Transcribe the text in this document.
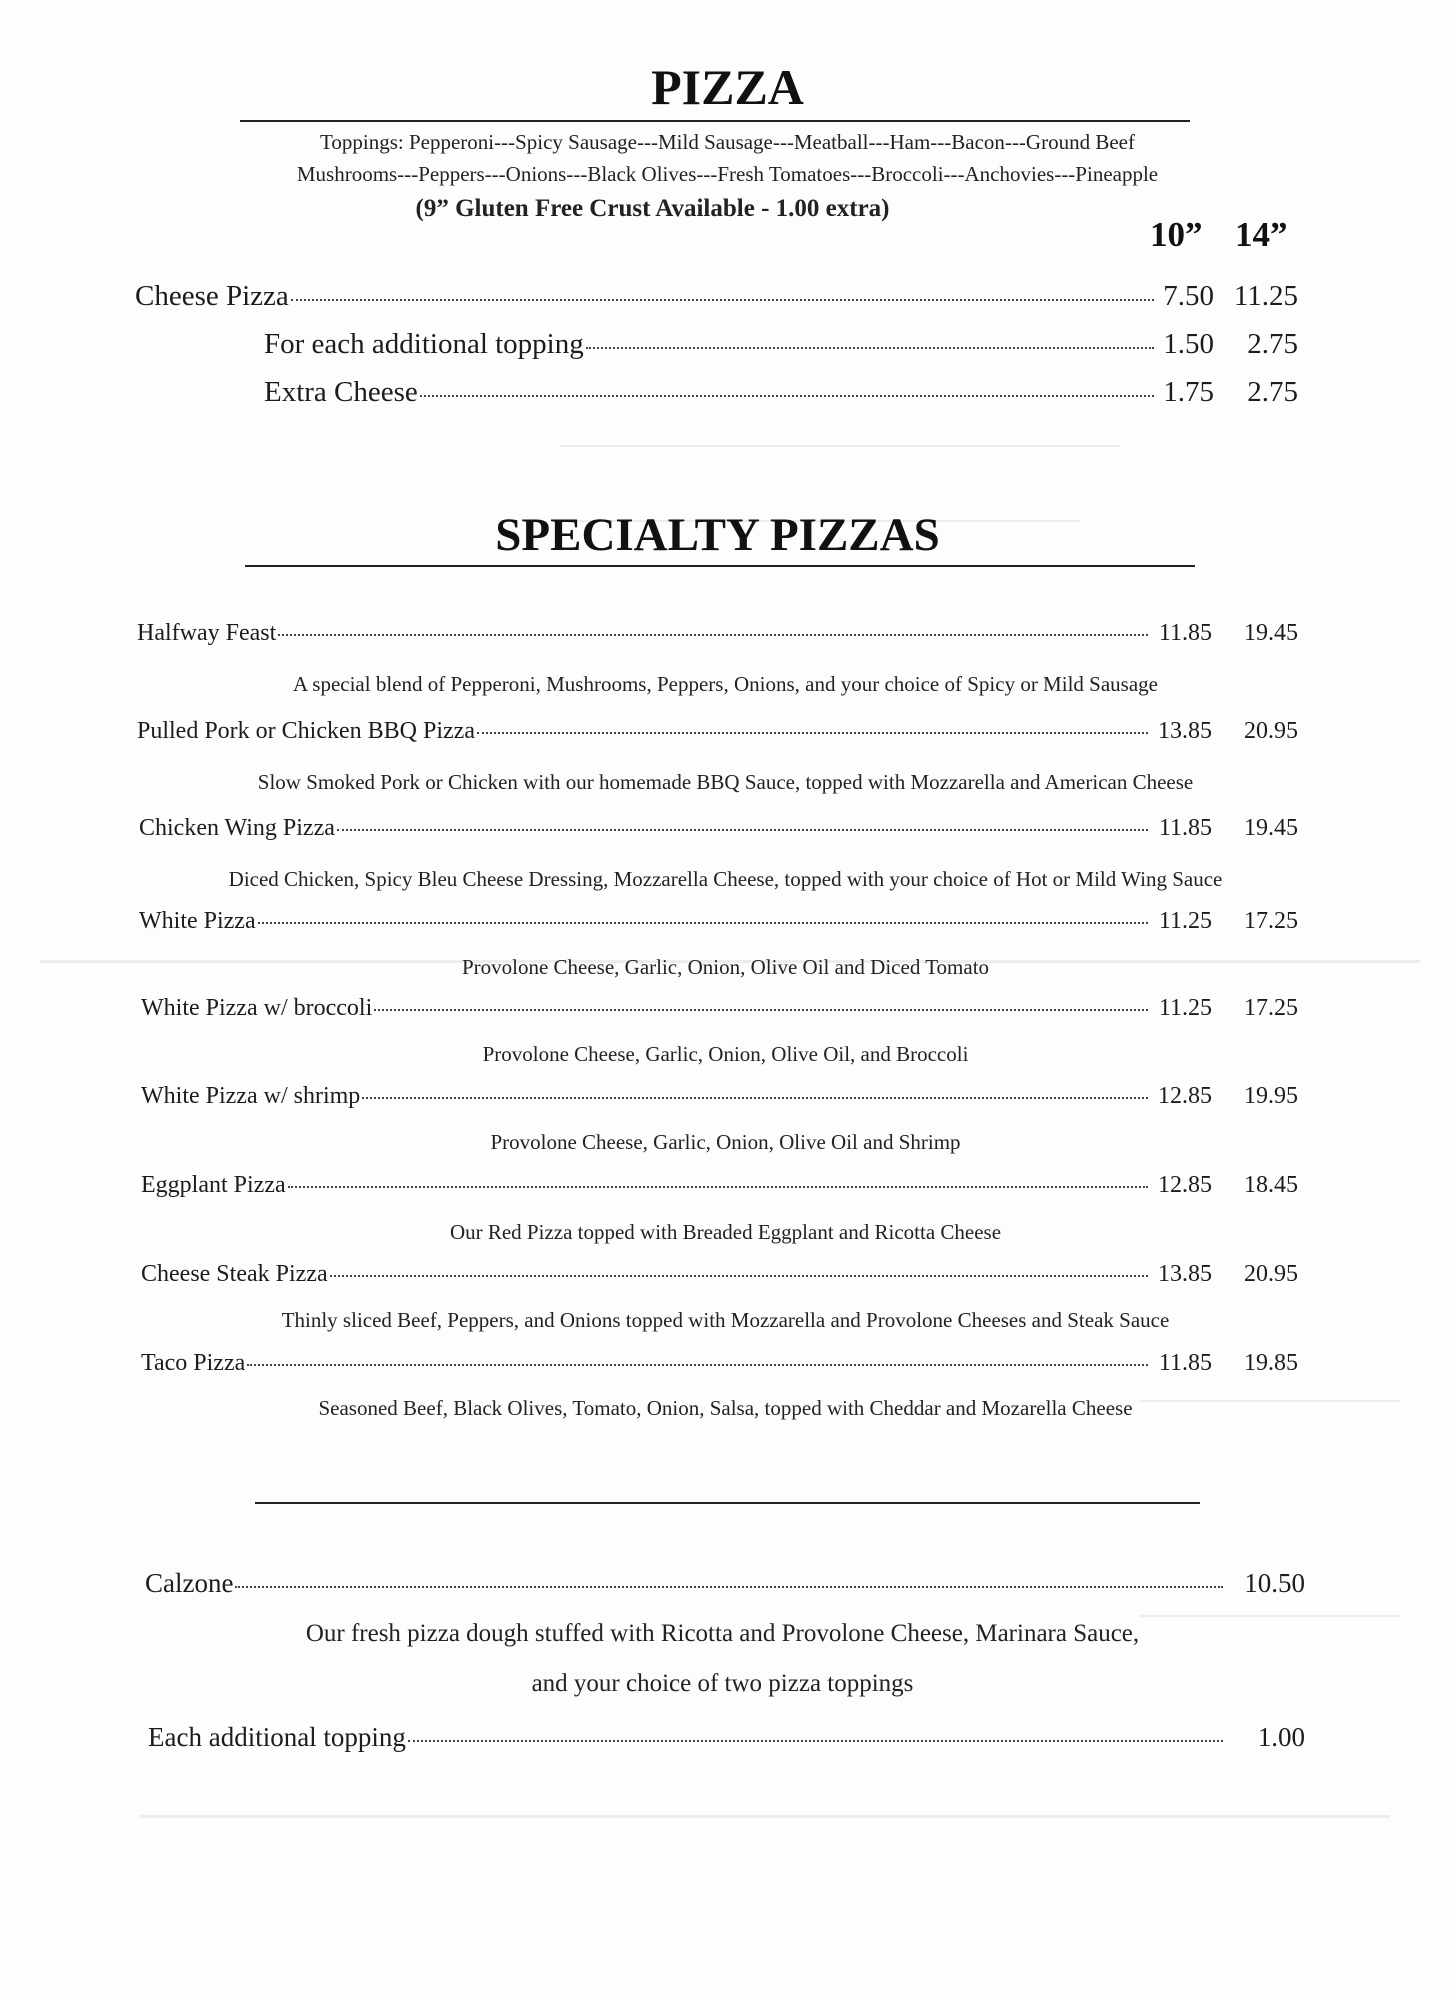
PIZZA
Toppings: Pepperoni---Spicy Sausage---Mild Sausage---Meatball---Ham---Bacon---Ground Beef
Mushrooms---Peppers---Onions---Black Olives---Fresh Tomatoes---Broccoli---Anchovies---Pineapple
(9” Gluten Free Crust Available - 1.00 extra)
10” 14”
Cheese Pizza	7.50 11.25
For each additional topping	1.50	2.75
Extra Cheese	1.75	2.75
SPECIALTY PIZZAS
Halfway Feast	11.85	19.45
A special blend of Pepperoni, Mushrooms, Peppers, Onions, and your choice of Spicy or Mild Sausage
Pulled Pork or Chicken BBQ Pizza	13.85	20.95
Slow Smoked Pork or Chicken with our homemade BBQ Sauce, topped with Mozzarella and American Cheese
Chicken Wing Pizza	11.85	19.45
Diced Chicken, Spicy Bleu Cheese Dressing, Mozzarella Cheese, topped with your choice of Hot or Mild Wing Sauce
White Pizza	11.25	17.25
Provolone Cheese, Garlic, Onion, Olive Oil and Diced Tomato
White Pizza w/ broccoli	11.25	17.25
Provolone Cheese, Garlic, Onion, Olive Oil, and Broccoli
White Pizza w/ shrimp	12.85	19.95
Provolone Cheese, Garlic, Onion, Olive Oil and Shrimp
Eggplant Pizza	12.85	18.45
Our Red Pizza topped with Breaded Eggplant and Ricotta Cheese
Cheese Steak Pizza	13.85	20.95
Thinly sliced Beef, Peppers, and Onions topped with Mozzarella and Provolone Cheeses and Steak Sauce
Taco Pizza	11.85	19.85
Seasoned Beef, Black Olives, Tomato, Onion, Salsa, topped with Cheddar and Mozarella Cheese
Calzone	10.50
Our fresh pizza dough stuffed with Ricotta and Provolone Cheese, Marinara Sauce,
and your choice of two pizza toppings
Each additional topping	1.00
